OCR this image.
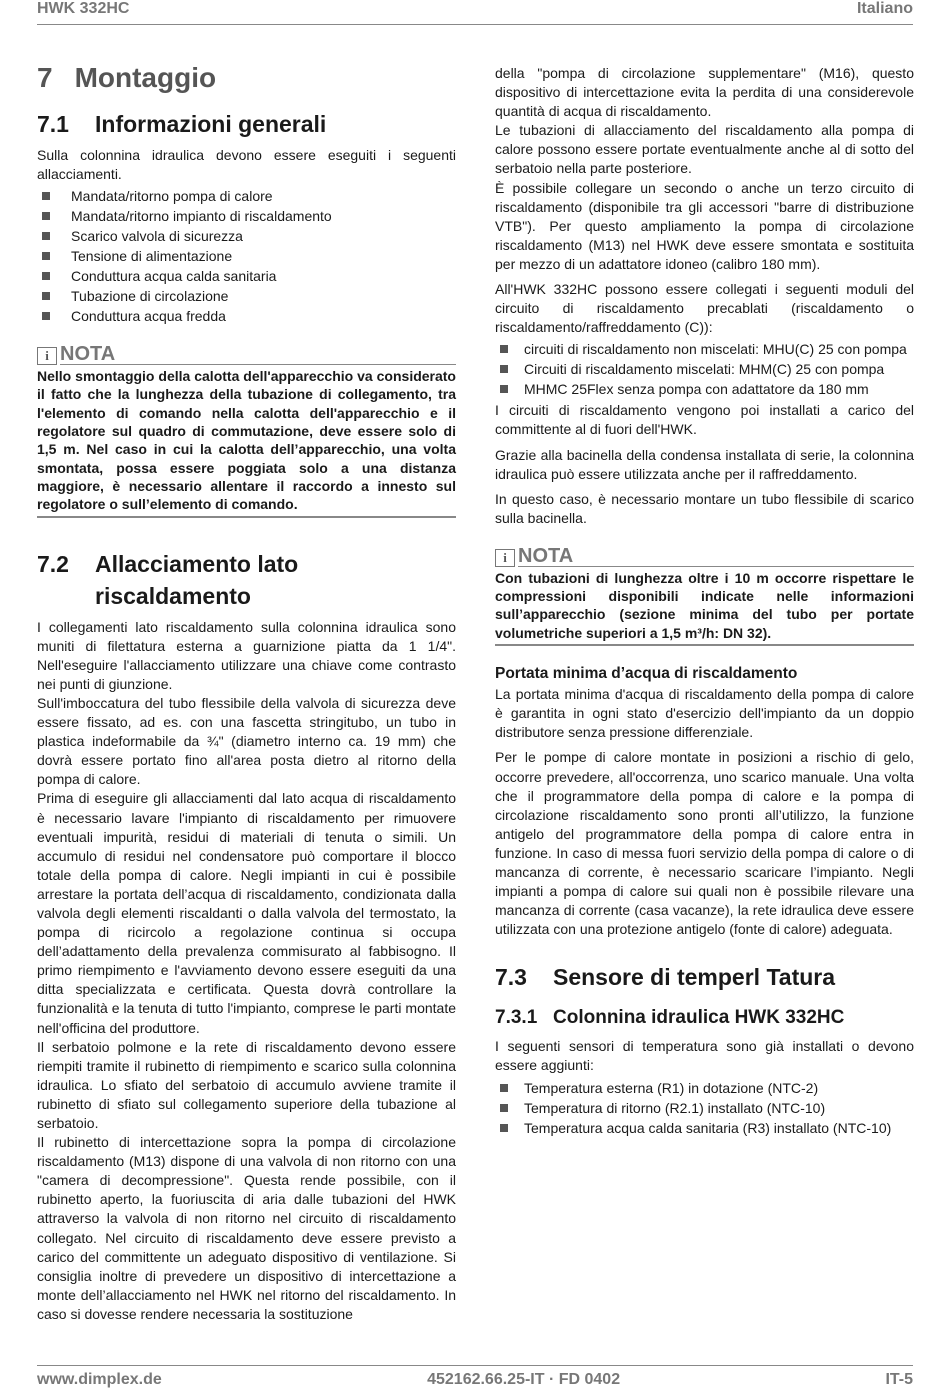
HWK 332HC	Italiano
7 Montaggio
7.1	Informazioni generali

Sulla colonnina idraulica devono essere eseguiti i seguenti allacciamenti.

Mandata/ritorno pompa di calore
Mandata/ritorno impianto di riscaldamento
Scarico valvola di sicurezza
Tensione di alimentazione
Conduttura acqua calda sanitaria
Tubazione di circolazione
Conduttura acqua fredda
i NOTA

Nello smontaggio della calotta dell'apparecchio va considerato il fatto che la lunghezza della tubazione di collegamento, tra l'elemento di comando nella calotta dell'apparecchio e il regolatore sul quadro di commutazione, deve essere solo di 1,5 m. Nel caso in cui la calotta dell’apparecchio, una volta smontata, possa essere poggiata solo a una distanza maggiore, è necessario allentare il raccordo a innesto sul regolatore o sull’elemento di comando.

7.2	Allacciamento lato
riscaldamento

I collegamenti lato riscaldamento sulla colonnina idraulica sono muniti di filettatura esterna a guarnizione piatta da 1 1/4". Nell'eseguire l'allacciamento utilizzare una chiave come contrasto nei punti di giunzione.

Sull'imboccatura del tubo flessibile della valvola di sicurezza deve essere fissato, ad es. con una fascetta stringitubo, un tubo in plastica indeformabile da ¾" (diametro interno ca. 19 mm) che dovrà essere portato fino all'area posta dietro al ritorno della pompa di calore.

Prima di eseguire gli allacciamenti dal lato acqua di riscaldamento è necessario lavare l'impianto di riscaldamento per rimuovere eventuali impurità, residui di materiali di tenuta o simili. Un accumulo di residui nel condensatore può comportare il blocco totale della pompa di calore. Negli impianti in cui è possibile arrestare la portata dell’acqua di riscaldamento, condizionata dalla valvola degli elementi riscaldanti o dalla valvola del termostato, la pompa di ricircolo a regolazione continua si occupa dell’adattamento della prevalenza commisurato al fabbisogno. Il primo riempimento e l'avviamento devono essere eseguiti da una ditta specializzata e certificata. Questa dovrà controllare la funzionalità e la tenuta di tutto l'impianto, comprese le parti montate nell'officina del produttore.

Il serbatoio polmone e la rete di riscaldamento devono essere riempiti tramite il rubinetto di riempimento e scarico sulla colonnina idraulica. Lo sfiato del serbatoio di accumulo avviene tramite il rubinetto di sfiato sul collegamento superiore della tubazione al serbatoio.

Il rubinetto di intercettazione sopra la pompa di circolazione riscaldamento (M13) dispone di una valvola di non ritorno con una "camera di decompressione". Questa rende possibile, con il rubinetto aperto, la fuoriuscita di aria dalle tubazioni del HWK attraverso la valvola di non ritorno nel circuito di riscaldamento collegato. Nel circuito di riscaldamento deve essere previsto a carico del committente un adeguato dispositivo di ventilazione. Si consiglia inoltre di prevedere un dispositivo di intercettazione a monte dell’allacciamento nel HWK nel ritorno del riscaldamento. In caso si dovesse rendere necessaria la sostituzione

della "pompa di circolazione supplementare" (M16), questo dispositivo di intercettazione evita la perdita di una considerevole quantità di acqua di riscaldamento.

Le tubazioni di allacciamento del riscaldamento alla pompa di calore possono essere portate eventualmente anche al di sotto del serbatoio nella parte posteriore.

È possibile collegare un secondo o anche un terzo circuito di riscaldamento (disponibile tra gli accessori "barre di distribuzione VTB"). Per questo ampliamento la pompa di circolazione riscaldamento (M13) nel HWK deve essere smontata e sostituita per mezzo di un adattatore idoneo (calibro 180 mm).

All'HWK 332HC possono essere collegati i seguenti moduli del circuito di riscaldamento precablati (riscaldamento o riscaldamento/raffreddamento (C)):

circuiti di riscaldamento non miscelati: MHU(C) 25 con pompa
Circuiti di riscaldamento miscelati: MHM(C) 25 con pompa
MHMC 25Flex senza pompa con adattatore da 180 mm

I circuiti di riscaldamento vengono poi installati a carico del committente al di fuori dell'HWK.

Grazie alla bacinella della condensa installata di serie, la colonnina idraulica può essere utilizzata anche per il raffreddamento.

In questo caso, è necessario montare un tubo flessibile di scarico sulla bacinella.

i NOTA

Con tubazioni di lunghezza oltre i 10 m occorre rispettare le compressioni disponibili indicate nelle informazioni sull’apparecchio (sezione minima del tubo per portate volumetriche superiori a 1,5 m³/h: DN 32).

Portata minima d’acqua di riscaldamento

La portata minima d'acqua di riscaldamento della pompa di calore è garantita in ogni stato d'esercizio dell'impianto da un doppio distributore senza pressione differenziale.

Per le pompe di calore montate in posizioni a rischio di gelo, occorre prevedere, all'occorrenza, uno scarico manuale. Una volta che il programmatore della pompa di calore e la pompa di circolazione riscaldamento sono pronti all’utilizzo, la funzione antigelo del programmatore della pompa di calore entra in funzione. In caso di messa fuori servizio della pompa di calore o di mancanza di corrente, è necessario scaricare l’impianto. Negli impianti a pompa di calore sui quali non è possibile rilevare una mancanza di corrente (casa vacanze), la rete idraulica deve essere utilizzata con una protezione antigelo (fonte di calore) adeguata.

7.3	Sensore di temperl Tatura
7.3.1 Colonnina idraulica HWK 332HC

I seguenti sensori di temperatura sono già installati o devono essere aggiunti:

Temperatura esterna (R1) in dotazione (NTC-2)
Temperatura di ritorno (R2.1) installato (NTC-10)
Temperatura acqua calda sanitaria (R3) installato (NTC-10)
www.dimplex.de	452162.66.25-IT · FD 0402	IT-5
